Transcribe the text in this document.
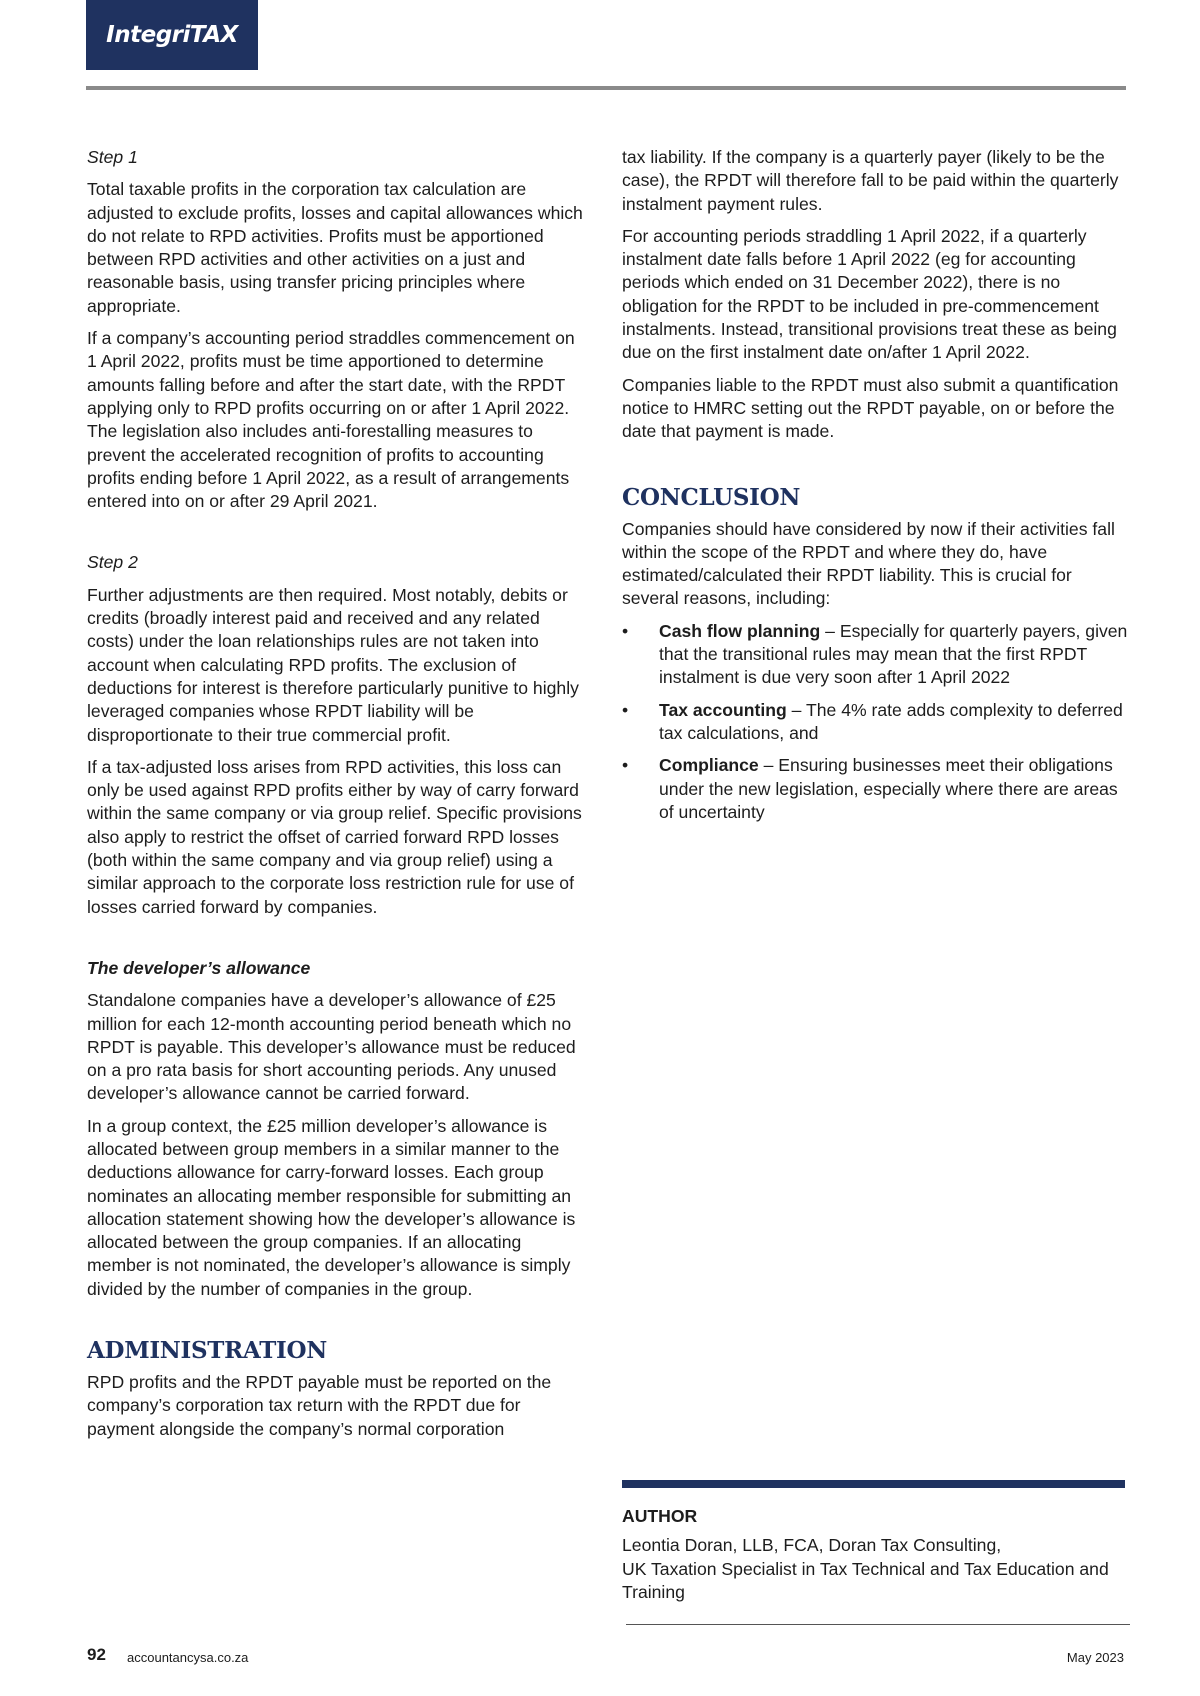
IntegriTAX
Step 1

Total taxable profits in the corporation tax calculation are adjusted to exclude profits, losses and capital allowances which do not relate to RPD activities. Profits must be apportioned between RPD activities and other activities on a just and reasonable basis, using transfer pricing principles where appropriate.

If a company’s accounting period straddles commencement on 1 April 2022, profits must be time apportioned to determine amounts falling before and after the start date, with the RPDT applying only to RPD profits occurring on or after 1 April 2022. The legislation also includes anti-forestalling measures to prevent the accelerated recognition of profits to accounting profits ending before 1 April 2022, as a result of arrangements entered into on or after 29 April 2021.

Step 2

Further adjustments are then required. Most notably, debits or credits (broadly interest paid and received and any related costs) under the loan relationships rules are not taken into account when calculating RPD profits. The exclusion of deductions for interest is therefore particularly punitive to highly leveraged companies whose RPDT liability will be disproportionate to their true commercial profit.

If a tax-adjusted loss arises from RPD activities, this loss can only be used against RPD profits either by way of carry forward within the same company or via group relief. Specific provisions also apply to restrict the offset of carried forward RPD losses (both within the same company and via group relief) using a similar approach to the corporate loss restriction rule for use of losses carried forward by companies.

The developer’s allowance

Standalone companies have a developer’s allowance of £25 million for each 12-month accounting period beneath which no RPDT is payable. This developer’s allowance must be reduced on a pro rata basis for short accounting periods. Any unused developer’s allowance cannot be carried forward.

In a group context, the £25 million developer’s allowance is allocated between group members in a similar manner to the deductions allowance for carry-forward losses. Each group nominates an allocating member responsible for submitting an allocation statement showing how the developer’s allowance is allocated between the group companies. If an allocating member is not nominated, the developer’s allowance is simply divided by the number of companies in the group.

ADMINISTRATION

RPD profits and the RPDT payable must be reported on the company’s corporation tax return with the RPDT due for payment alongside the company’s normal corporation

tax liability. If the company is a quarterly payer (likely to be the case), the RPDT will therefore fall to be paid within the quarterly instalment payment rules.

For accounting periods straddling 1 April 2022, if a quarterly instalment date falls before 1 April 2022 (eg for accounting periods which ended on 31 December 2022), there is no obligation for the RPDT to be included in pre-commencement instalments. Instead, transitional provisions treat these as being due on the first instalment date on/after 1 April 2022.

Companies liable to the RPDT must also submit a quantification notice to HMRC setting out the RPDT payable, on or before the date that payment is made.

CONCLUSION

Companies should have considered by now if their activities fall within the scope of the RPDT and where they do, have estimated/calculated their RPDT liability. This is crucial for several reasons, including:

• Cash flow planning – Especially for quarterly payers, given that the transitional rules may mean that the first RPDT instalment is due very soon after 1 April 2022
• Tax accounting – The 4% rate adds complexity to deferred tax calculations, and
• Compliance – Ensuring businesses meet their obligations under the new legislation, especially where there are areas of uncertainty
AUTHOR
Leontia Doran, LLB, FCA, Doran Tax Consulting,
UK Taxation Specialist in Tax Technical and Tax Education and Training
92 accountancysa.co.za	May 2023
